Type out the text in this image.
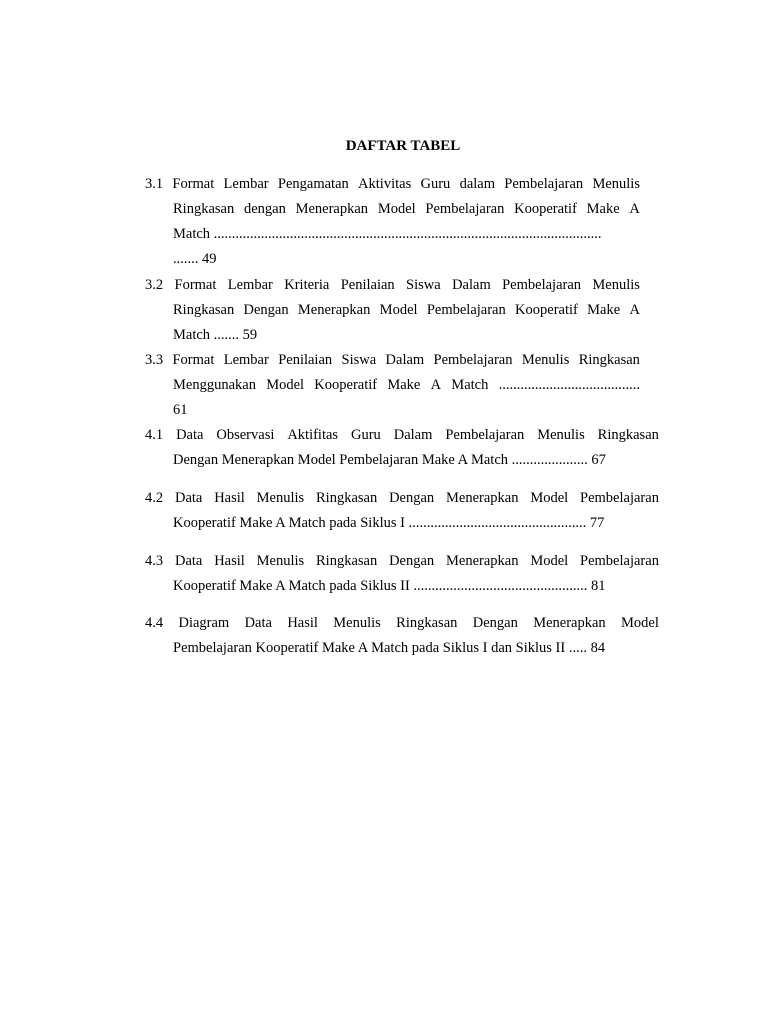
DAFTAR TABEL
3.1 Format Lembar Pengamatan Aktivitas Guru dalam Pembelajaran Menulis
Ringkasan dengan Menerapkan Model Pembelajaran Kooperatif Make A
Match ...........................................................................................................
....... 49
3.2 Format Lembar Kriteria Penilaian Siswa Dalam Pembelajaran Menulis
Ringkasan Dengan Menerapkan Model Pembelajaran Kooperatif Make A
Match ....... 59
3.3 Format Lembar Penilaian Siswa Dalam Pembelajaran Menulis Ringkasan
Menggunakan Model Kooperatif Make A Match .......................................
61
4.1 Data Observasi Aktifitas Guru Dalam Pembelajaran Menulis Ringkasan
Dengan Menerapkan Model Pembelajaran Make A Match ..................... 67
4.2 Data Hasil Menulis Ringkasan Dengan Menerapkan Model Pembelajaran
Kooperatif Make A Match pada Siklus I ................................................. 77
4.3 Data Hasil Menulis Ringkasan Dengan Menerapkan Model Pembelajaran
Kooperatif Make A Match pada Siklus II ................................................ 81
4.4 Diagram Data Hasil Menulis Ringkasan Dengan Menerapkan Model
Pembelajaran Kooperatif Make A Match pada Siklus I dan Siklus II ..... 84
